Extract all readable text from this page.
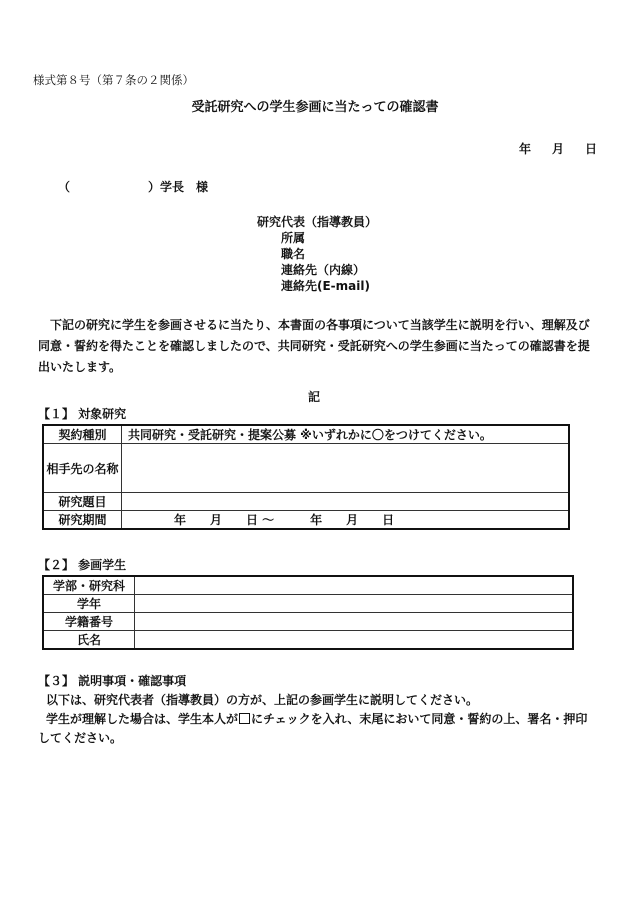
様式第８号（第７条の２関係）
受託研究への学生参画に当たっての確認書
年 月 日
（	）学長　様
研究代表（指導教員）
所属
職名
連絡先（内線）
連絡先(E-mail)

下記の研究に学生を参画させるに当たり、本書面の各事項について当該学生に説明を行い、理解及び同意・誓約を得たことを確認しましたので、共同研究・受託研究への学生参画に当たっての確認書を提出いたします。

記
【１】 対象研究
契約種別	共同研究・受託研究・提案公募 ※いずれかに〇をつけてください。
相手先の名称	
研究題目	
研究期間	年　　月　　日 ～　　　年　　月　　日
【２】 参画学生
学部・研究科	
学年	
学籍番号	
氏名	
【３】 説明事項・確認事項

以下は、研究代表者（指導教員）の方が、上記の参画学生に説明してください。

学生が理解した場合は、学生本人が にチェックを入れ、末尾において同意・誓約の上、署名・押印してください。
